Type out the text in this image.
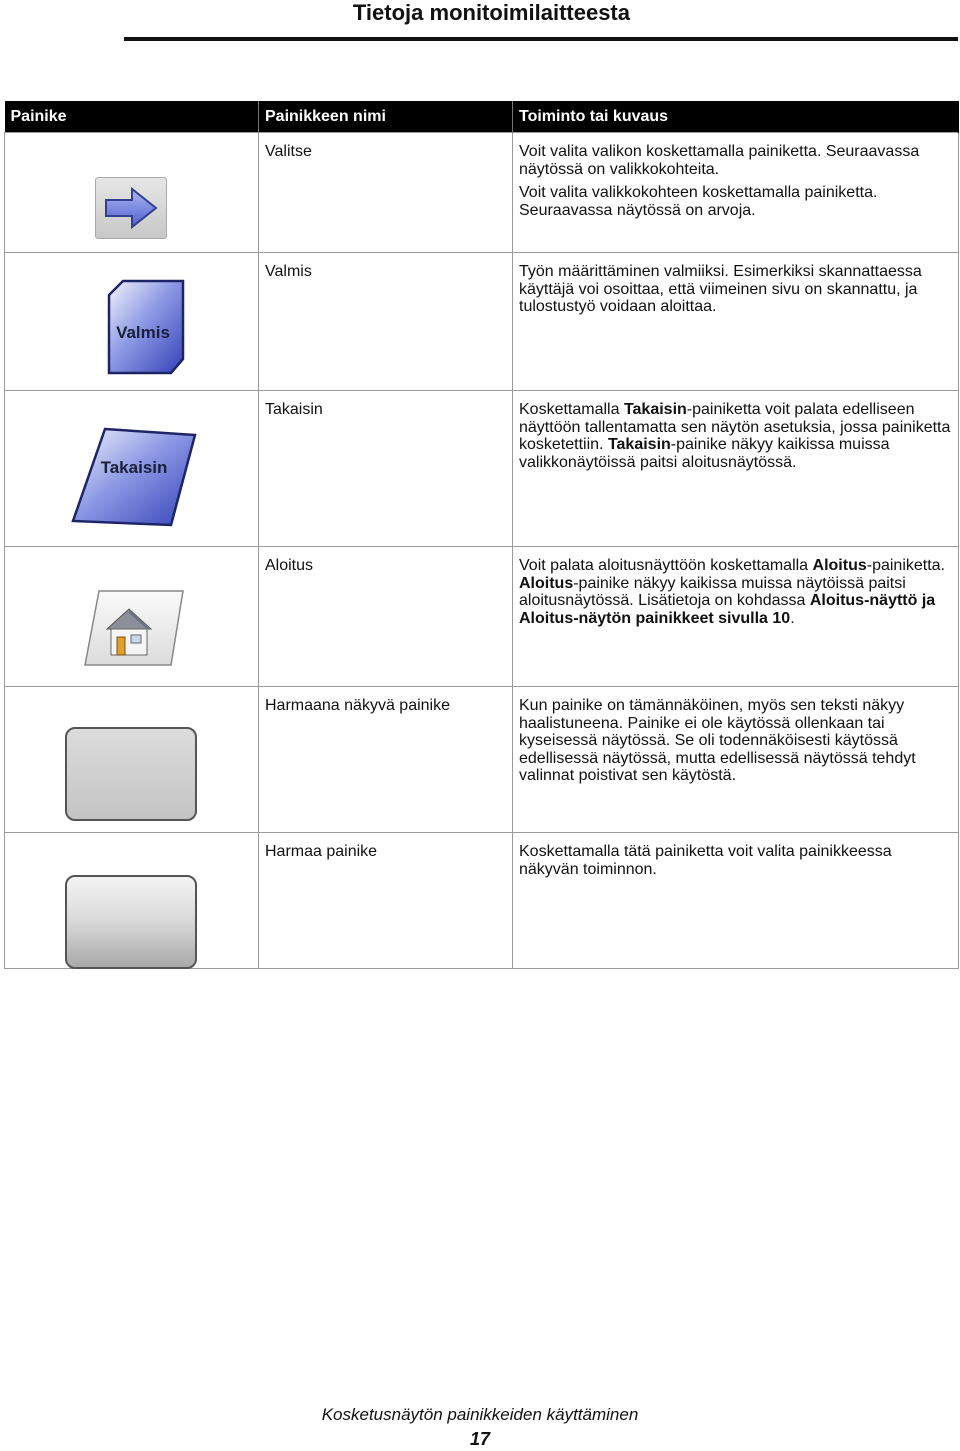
Tietoja monitoimilaitteesta
Painike	Painikkeen nimi	Toiminto tai kuvaus

	Valitse	Voit valita valikon koskettamalla painiketta. Seuraavassa näytössä on valikkokohteita.

Voit valita valikkokohteen koskettamalla painiketta. Seuraavassa näytössä on arvoja.

Valmis	Valmis	Työn määrittäminen valmiiksi. Esimerkiksi skannattaessa käyttäjä voi osoittaa, että viimeinen sivu on skannattu, ja tulostustyö voidaan aloittaa.

Takaisin	Takaisin	Koskettamalla Takaisin-painiketta voit palata edelliseen näyttöön tallentamatta sen näytön asetuksia, jossa painiketta kosketettiin. Takaisin-painike näkyy kaikissa muissa valikkonäytöissä paitsi aloitusnäytössä.

	Aloitus	Voit palata aloitusnäyttöön koskettamalla Aloitus-painiketta. Aloitus-painike näkyy kaikissa muissa näytöissä paitsi aloitusnäytössä. Lisätietoja on kohdassa Aloitus-näyttö ja Aloitus-näytön painikkeet sivulla 10.

	Harmaana näkyvä painike	Kun painike on tämännäköinen, myös sen teksti näkyy haalistuneena. Painike ei ole käytössä ollenkaan tai kyseisessä näytössä. Se oli todennäköisesti käytössä edellisessä näytössä, mutta edellisessä näytössä tehdyt valinnat poistivat sen käytöstä.

	Harmaa painike	Koskettamalla tätä painiketta voit valita painikkeessa näkyvän toiminnon.
Kosketusnäytön painikkeiden käyttäminen
17
